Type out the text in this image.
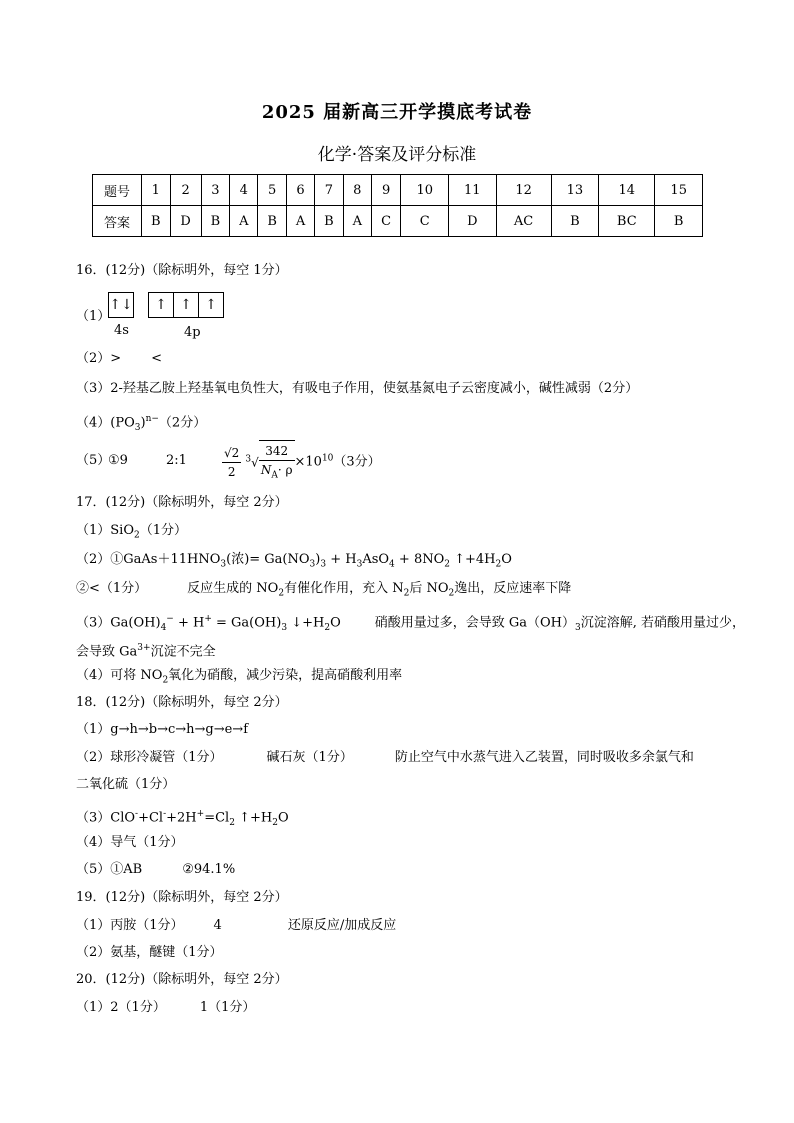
2025 届新高三开学摸底考试卷
化学·答案及评分标准
题号	1	2	3	4	5	6	7	8	9	10	11	12	13	14	15
答案	B	D	B	A	B	A	B	A	C	C	D	AC	B	BC	B
16．(12分)（除标明外，每空 1分）
（1）
↑↓	↑ ↑ ↑
4s	4p
（2）> <
（3）2-羟基乙胺上羟基氧电负性大，有吸电子作用，使氨基氮电子云密度减小，碱性减弱（2分）
$(4)(PO_3)^{n-}(2$分）
（5）
①9	2:1	$\frac{√2}{2} ^3√ \frac{342}{N_A\cdot \rho} \times 10^{10}(3$分）
17．(12分)（除标明外，每空 2分）
（1）SiO$_2$（1分）
$(2)①GaAs+11HNO_3$(浓)= $Ga(NO_3)_3 + H_3AsO_4 + 8NO_2$ $↑+4H_2O$
②<（1分）	反应生成的 $NO_2$有催化作用，充入 $N_2$后 $NO_2$逸出，反应速率下降
$(3)Ga(OH)_4^- + H^+ = Ga(OH)_3$ $↓+H_2O$	硝酸用量过多，会导致 $Ga(OH)_3$沉淀溶解, 若硝酸用量过少，
会导致 $Ga^{3+}$沉淀不完全
（4）可将 $NO_2$氧化为硝酸，减少污染，提高硝酸利用率
18．(12分)（除标明外，每空 2分）
（1）g→h→b→c→h→g→e→f
（2）球形冷凝管（1分）	碱石灰（1分）	防止空气中水蒸气进入乙装置，同时吸收多余氯气和
二氧化硫（1分）
$(3)ClO^-+Cl^-+2H^+=Cl_2$ $↑+H_2O$
（4）导气（1分）
（5）①AB	②94.1%
19．(12分)（除标明外，每空 2分）
（1）丙胺（1分） 4	还原反应/加成反应
（2）氨基，醚键（1分）
20．(12分)（除标明外，每空 2分）
（1）2（1分）	1（1分）
